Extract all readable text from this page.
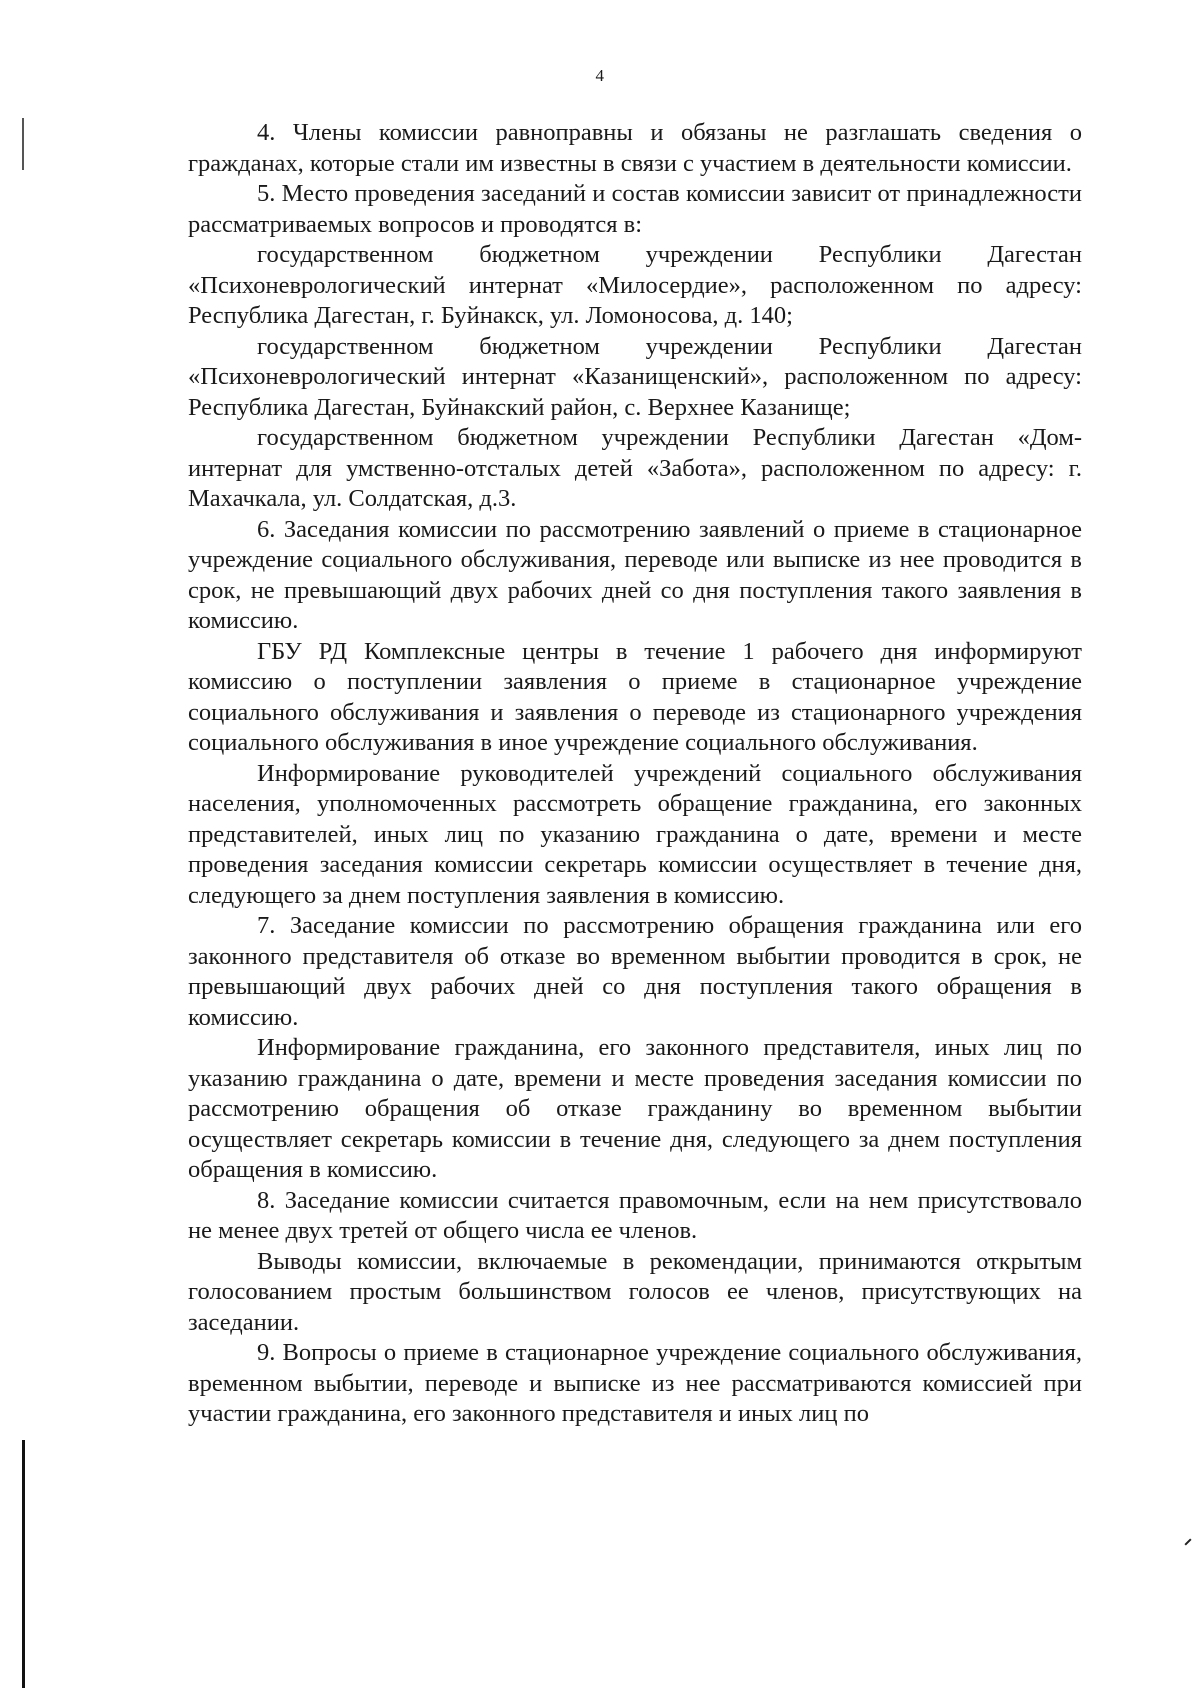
4

4. Члены комиссии равноправны и обязаны не разглашать сведения о гражданах, которые стали им известны в связи с участием в деятельности комиссии.

5. Место проведения заседаний и состав комиссии зависит от принадлежности рассматриваемых вопросов и проводятся в:

государственном бюджетном учреждении Республики Дагестан «Психоневрологический интернат «Милосердие», расположенном по адресу: Республика Дагестан, г. Буйнакск, ул. Ломоносова, д. 140;

государственном бюджетном учреждении Республики Дагестан «Психоневрологический интернат «Казанищенский», расположенном по адресу: Республика Дагестан, Буйнакский район, с. Верхнее Казанище;

государственном бюджетном учреждении Республики Дагестан «Дом-интернат для умственно-отсталых детей «Забота», расположенном по адресу: г. Махачкала, ул. Солдатская, д.3.

6. Заседания комиссии по рассмотрению заявлений о приеме в стационарное учреждение социального обслуживания, переводе или выписке из нее проводится в срок, не превышающий двух рабочих дней со дня поступления такого заявления в комиссию.

ГБУ РД Комплексные центры в течение 1 рабочего дня информируют комиссию о поступлении заявления о приеме в стационарное учреждение социального обслуживания и заявления о переводе из стационарного учреждения социального обслуживания в иное учреждение социального обслуживания.

Информирование руководителей учреждений социального обслуживания населения, уполномоченных рассмотреть обращение гражданина, его законных представителей, иных лиц по указанию гражданина о дате, времени и месте проведения заседания комиссии секретарь комиссии осуществляет в течение дня, следующего за днем поступления заявления в комиссию.

7. Заседание комиссии по рассмотрению обращения гражданина или его законного представителя об отказе во временном выбытии проводится в срок, не превышающий двух рабочих дней со дня поступления такого обращения в комиссию.

Информирование гражданина, его законного представителя, иных лиц по указанию гражданина о дате, времени и месте проведения заседания комиссии по рассмотрению обращения об отказе гражданину во временном выбытии осуществляет секретарь комиссии в течение дня, следующего за днем поступления обращения в комиссию.

8. Заседание комиссии считается правомочным, если на нем присутствовало не менее двух третей от общего числа ее членов.

Выводы комиссии, включаемые в рекомендации, принимаются открытым голосованием простым большинством голосов ее членов, присутствующих на заседании.

9. Вопросы о приеме в стационарное учреждение социального обслуживания, временном выбытии, переводе и выписке из нее рассматриваются комиссией при участии гражданина, его законного представителя и иных лиц по
